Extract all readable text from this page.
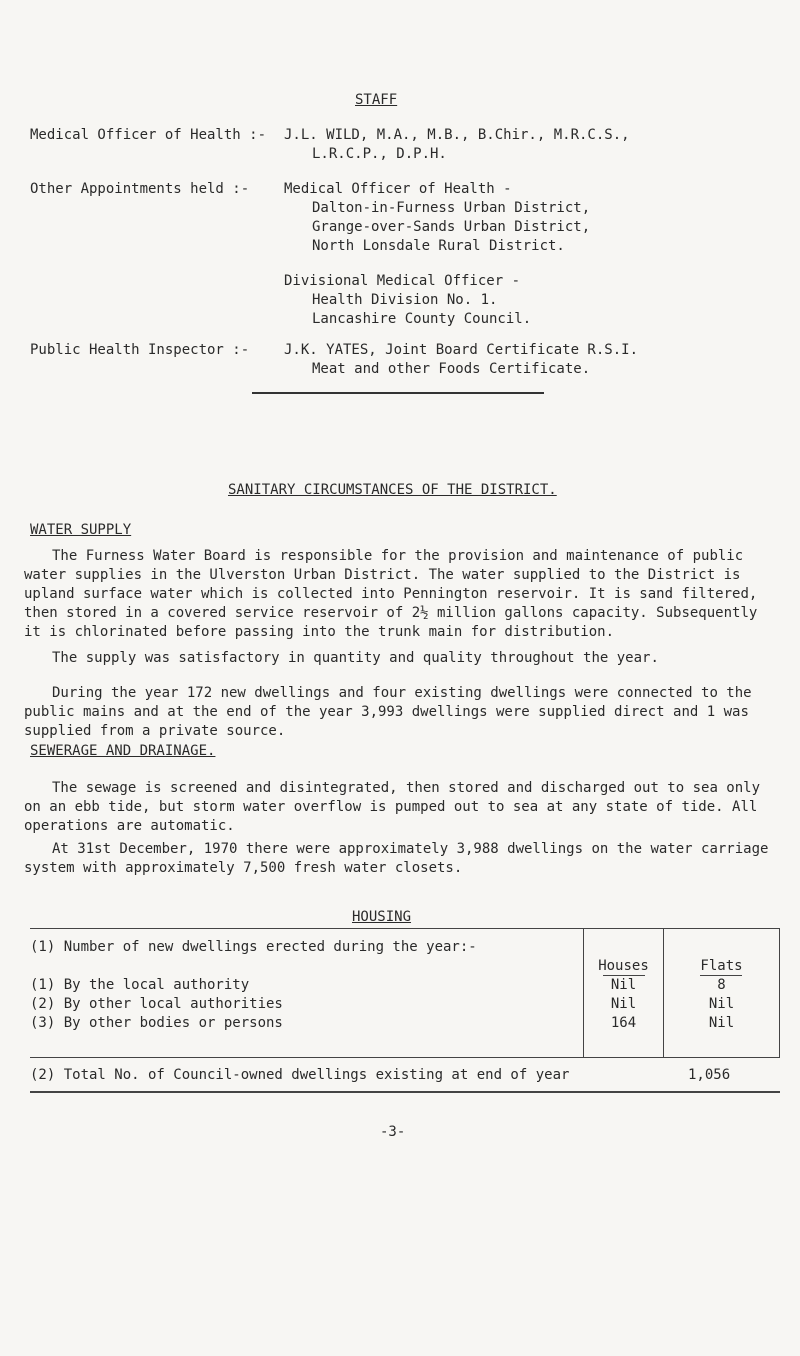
STAFF
Medical Officer of Health :- J.L. WILD, M.A., M.B., B.Chir., M.R.C.S.,
L.R.C.P., D.P.H.
Other Appointments held :- Medical Officer of Health -
Dalton-in-Furness Urban District,
Grange-over-Sands Urban District,
North Lonsdale Rural District.
Divisional Medical Officer -
Health Division No. 1.
Lancashire County Council.
Public Health Inspector :- J.K. YATES, Joint Board Certificate R.S.I.
Meat and other Foods Certificate.
SANITARY CIRCUMSTANCES OF THE DISTRICT.
WATER SUPPLY

The Furness Water Board is responsible for the provision and maintenance of public water supplies in the Ulverston Urban District. The water supplied to the District is upland surface water which is collected into Pennington reservoir. It is sand filtered, then stored in a covered service reservoir of 2½ million gallons capacity. Subsequently it is chlorinated before passing into the trunk main for distribution.

The supply was satisfactory in quantity and quality throughout the year.

During the year 172 new dwellings and four existing dwellings were connected to the public mains and at the end of the year 3,993 dwellings were supplied direct and 1 was supplied from a private source.

SEWERAGE AND DRAINAGE.

The sewage is screened and disintegrated, then stored and discharged out to sea only on an ebb tide, but storm water overflow is pumped out to sea at any state of tide. All operations are automatic.

At 31st December, 1970 there were approximately 3,988 dwellings on the water carriage system with approximately 7,500 fresh water closets.

HOUSING
(1) Number of new dwellings erected during the year:-
Houses	Flats
(1) By the local authority	Nil	8
(2) By other local authorities	Nil	Nil
(3) By other bodies or persons	164	Nil
(2) Total No. of Council-owned dwellings existing at end of year	1,056
-3-
